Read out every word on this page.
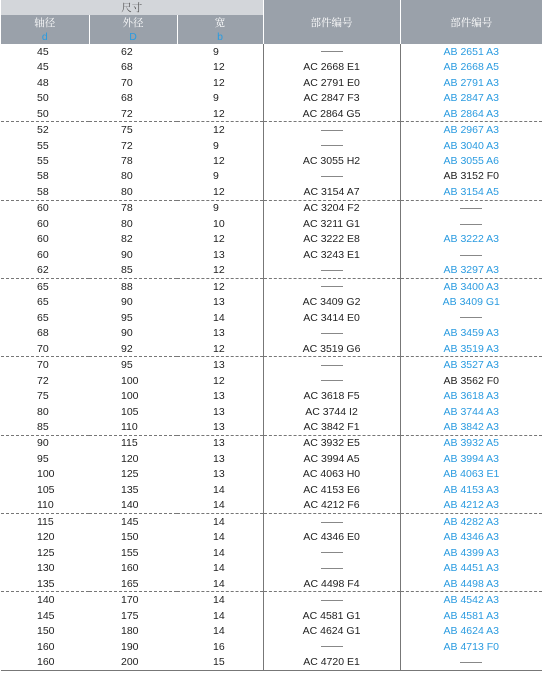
尺寸			部件编号	部件编号
轴径	外径	宽		
d	D	b		
45	62	9		AB 2651 A3
45	68	12	AC 2668 E1	AB 2668 A5
48	70	12	AC 2791 E0	AB 2791 A3
50	68	9	AC 2847 F3	AB 2847 A3
50	72	12	AC 2864 G5	AB 2864 A3
52	75	12		AB 2967 A3
55	72	9		AB 3040 A3
55	78	12	AC 3055 H2	AB 3055 A6
58	80	9		AB 3152 F0
58	80	12	AC 3154 A7	AB 3154 A5
60	78	9	AC 3204 F2	
60	80	10	AC 3211 G1	
60	82	12	AC 3222 E8	AB 3222 A3
60	90	13	AC 3243 E1	
62	85	12		AB 3297 A3
65	88	12		AB 3400 A3
65	90	13	AC 3409 G2	AB 3409 G1
65	95	14	AC 3414 E0	
68	90	13		AB 3459 A3
70	92	12	AC 3519 G6	AB 3519 A3
70	95	13		AB 3527 A3
72	100	12		AB 3562 F0
75	100	13	AC 3618 F5	AB 3618 A3
80	105	13	AC 3744 I2	AB 3744 A3
85	110	13	AC 3842 F1	AB 3842 A3
90	115	13	AC 3932 E5	AB 3932 A5
95	120	13	AC 3994 A5	AB 3994 A3
100	125	13	AC 4063 H0	AB 4063 E1
105	135	14	AC 4153 E6	AB 4153 A3
110	140	14	AC 4212 F6	AB 4212 A3
115	145	14		AB 4282 A3
120	150	14	AC 4346 E0	AB 4346 A3
125	155	14		AB 4399 A3
130	160	14		AB 4451 A3
135	165	14	AC 4498 F4	AB 4498 A3
140	170	14		AB 4542 A3
145	175	14	AC 4581 G1	AB 4581 A3
150	180	14	AC 4624 G1	AB 4624 A3
160	190	16		AB 4713 F0
160	200	15	AC 4720 E1	
